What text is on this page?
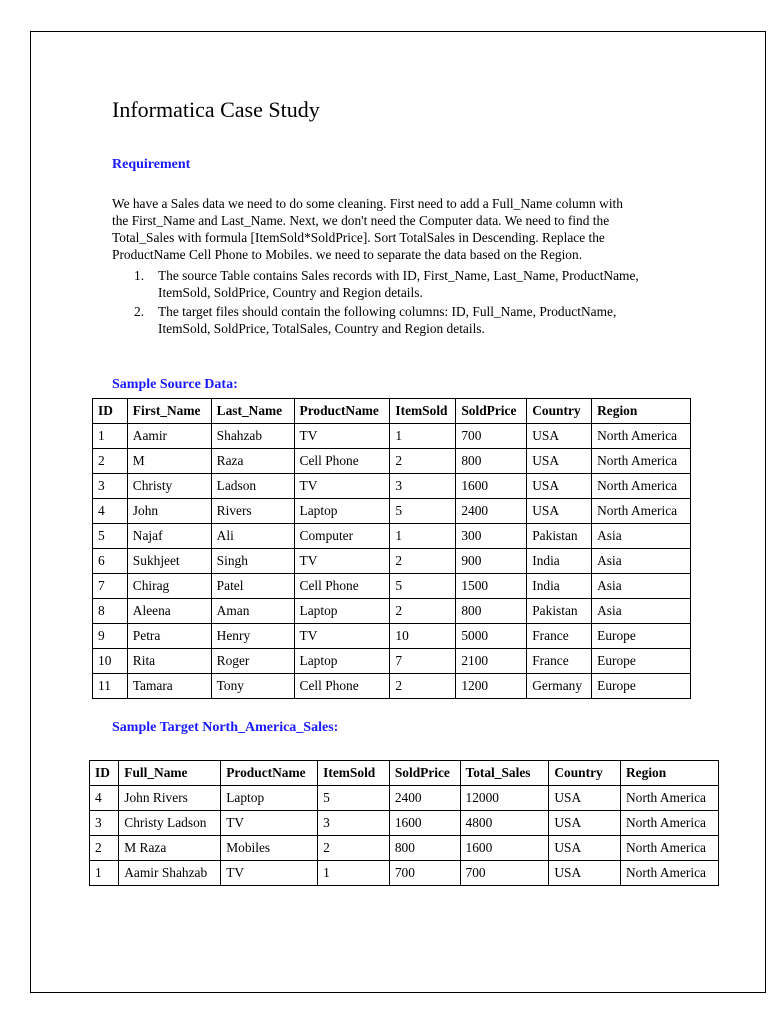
Informatica Case Study
Requirement

We have a Sales data we need to do some cleaning. First need to add a Full_Name column with the First_Name and Last_Name. Next, we don't need the Computer data. We need to find the Total_Sales with formula [ItemSold*SoldPrice]. Sort TotalSales in Descending. Replace the ProductName Cell Phone to Mobiles. we need to separate the data based on the Region.

1. The source Table contains Sales records with ID, First_Name, Last_Name, ProductName, ItemSold, SoldPrice, Country and Region details.
2. The target files should contain the following columns: ID, Full_Name, ProductName, ItemSold, SoldPrice, TotalSales, Country and Region details.
Sample Source Data:
ID	First_Name	Last_Name	ProductName	ItemSold	SoldPrice	Country	Region
1	Aamir	Shahzab	TV	1	700	USA	North America
2	M	Raza	Cell Phone	2	800	USA	North America
3	Christy	Ladson	TV	3	1600	USA	North America
4	John	Rivers	Laptop	5	2400	USA	North America
5	Najaf	Ali	Computer	1	300	Pakistan	Asia
6	Sukhjeet	Singh	TV	2	900	India	Asia
7	Chirag	Patel	Cell Phone	5	1500	India	Asia
8	Aleena	Aman	Laptop	2	800	Pakistan	Asia
9	Petra	Henry	TV	10	5000	France	Europe
10	Rita	Roger	Laptop	7	2100	France	Europe
11	Tamara	Tony	Cell Phone	2	1200	Germany	Europe
Sample Target North_America_Sales:
ID	Full_Name	ProductName	ItemSold	SoldPrice	Total_Sales	Country	Region
4	John Rivers	Laptop	5	2400	12000	USA	North America
3	Christy Ladson	TV	3	1600	4800	USA	North America
2	M Raza	Mobiles	2	800	1600	USA	North America
1	Aamir Shahzab	TV	1	700	700	USA	North America
